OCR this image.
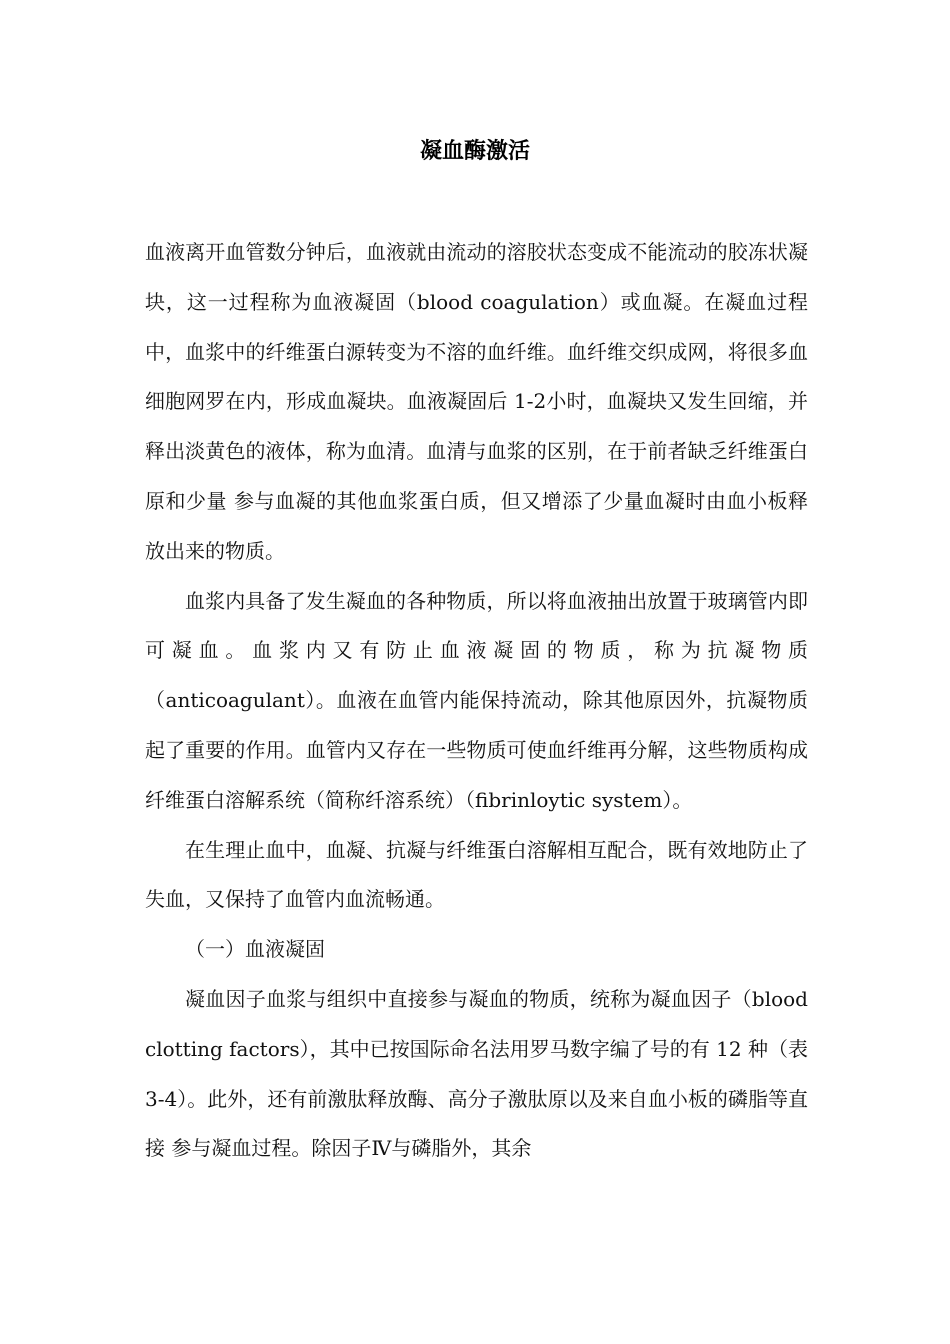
凝血酶激活

血液离开血管数分钟后，血液就由流动的溶胶状态变成不能流动的胶冻状凝块，这一过程称为血液凝固（blood coagulation）或血凝。在凝血过程中，血浆中的纤维蛋白源转变为不溶的血纤维。血纤维交织成网，将很多血细胞网罗在内，形成血凝块。血液凝固后 1-2小时，血凝块又发生回缩，并释出淡黄色的液体，称为血清。血清与血浆的区别，在于前者缺乏纤维蛋白原和少量 参与血凝的其他血浆蛋白质，但又增添了少量血凝时由血小板释放出来的物质。

血浆内具备了发生凝血的各种物质，所以将血液抽出放置于玻璃管内即可凝血。血浆内又有防止血液凝固的物质，称为抗凝物质（anticoagulant）。血液在血管内能保持流动，除其他原因外，抗凝物质起了重要的作用。血管内又存在一些物质可使血纤维再分解，这些物质构成纤维蛋白溶解系统（简称纤溶系统）（fibrinloytic system）。

在生理止血中，血凝、抗凝与纤维蛋白溶解相互配合，既有效地防止了失血，又保持了血管内血流畅通。

（一）血液凝固

凝血因子血浆与组织中直接参与凝血的物质，统称为凝血因子（blood clotting factors），其中已按国际命名法用罗马数字编了号的有 12 种（表 3-4）。此外，还有前激肽释放酶、高分子激肽原以及来自血小板的磷脂等直接 参与凝血过程。除因子Ⅳ与磷脂外，其余
